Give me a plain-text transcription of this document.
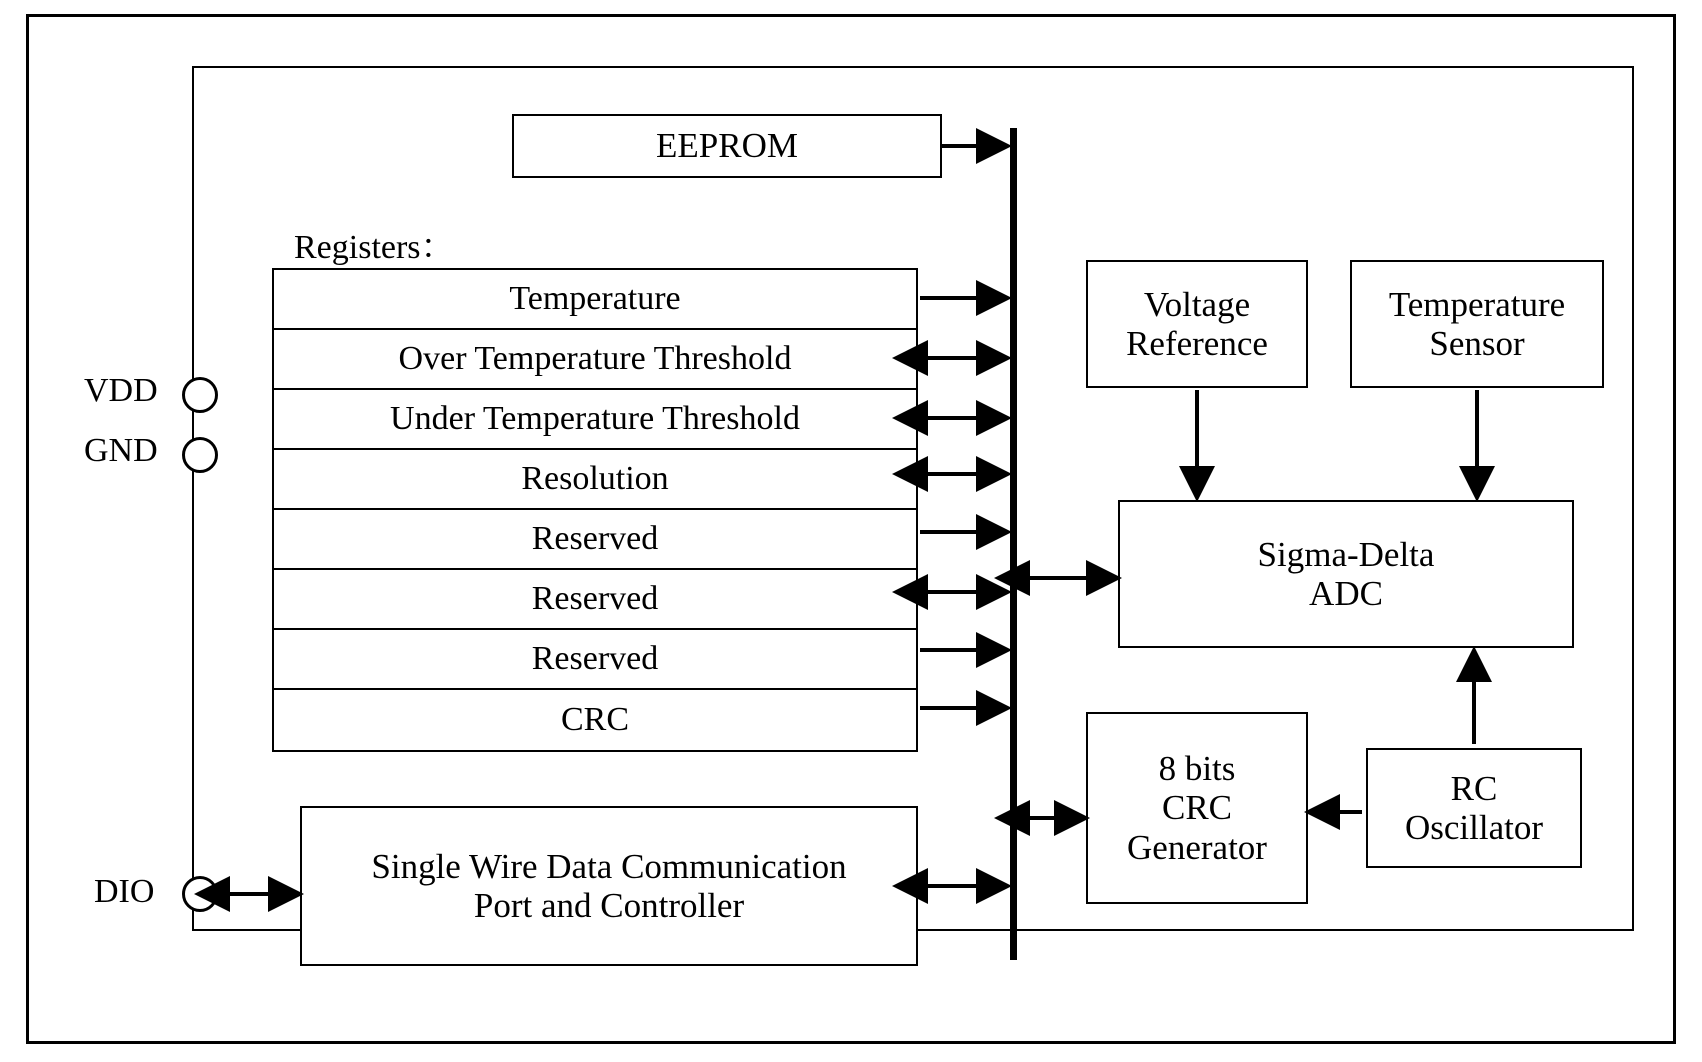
EEPROM
Registers：
Temperature
Over Temperature Threshold
Under Temperature Threshold
Resolution
Reserved
Reserved
Reserved
CRC
Single Wire Data Communication
Port and Controller
Voltage
Reference
Temperature
Sensor
Sigma-Delta
ADC
8 bits
CRC
Generator
RC
Oscillator
VDD
GND
DIO
